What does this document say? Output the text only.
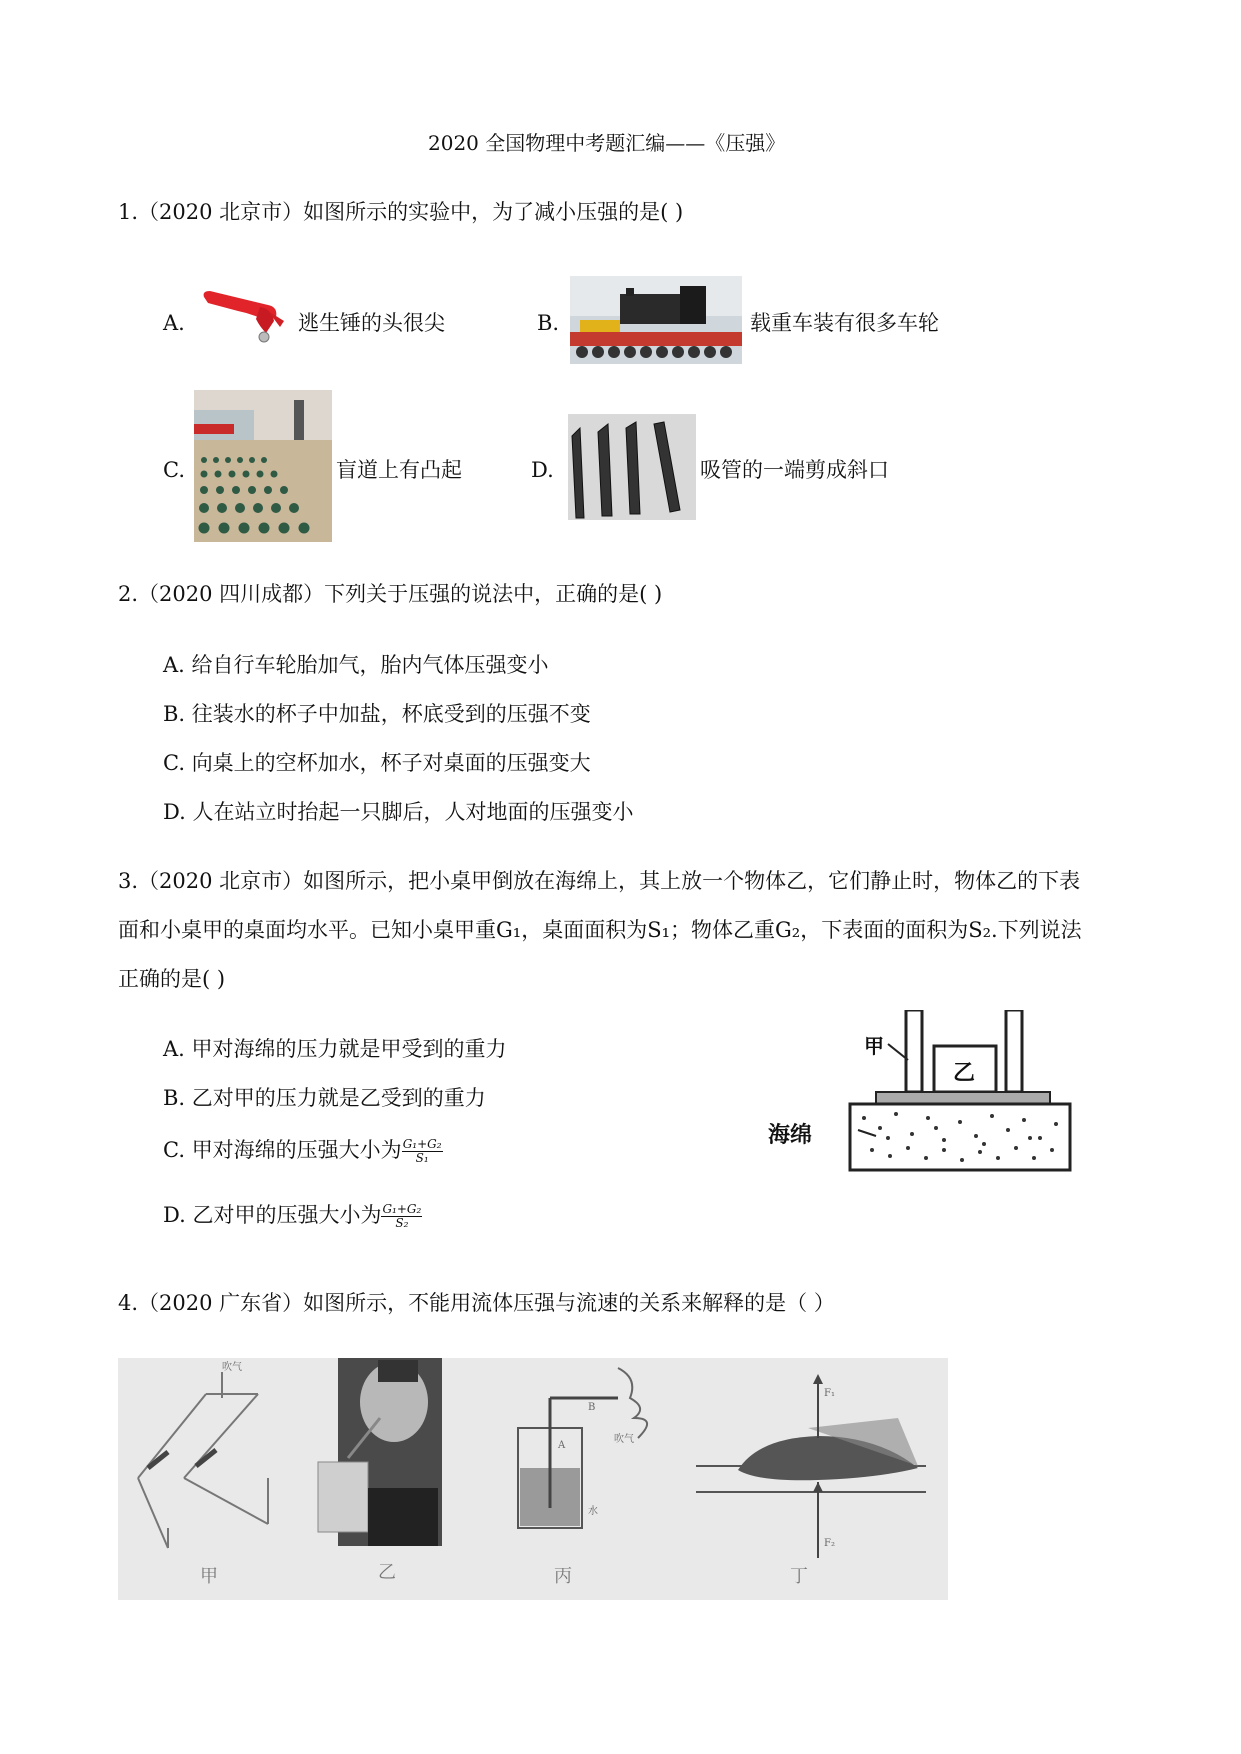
2020 全国物理中考题汇编——《压强》
1.（2020 北京市）如图所示的实验中，为了减小压强的是( )
A.	逃生锤的头很尖	B.	载重车装有很多车轮
C.	盲道上有凸起	D.	吸管的一端剪成斜口
2.（2020 四川成都）下列关于压强的说法中，正确的是( )
A. 给自行车轮胎加气，胎内气体压强变小
B. 往装水的杯子中加盐，杯底受到的压强不变
C. 向桌上的空杯加水，杯子对桌面的压强变大
D. 人在站立时抬起一只脚后，人对地面的压强变小
3.（2020 北京市）如图所示，把小桌甲倒放在海绵上，其上放一个物体乙，它们静止时，物体乙的下表
面和小桌甲的桌面均水平。已知小桌甲重G₁，桌面面积为S₁；物体乙重G₂，下表面的面积为S₂.下列说法
正确的是( )
A. 甲对海绵的压力就是甲受到的重力
B. 乙对甲的压力就是乙受到的重力
C. 甲对海绵的压强大小为 $\frac{\text{G₁+G₂}}{\text{S₁}}$
D. 乙对甲的压强大小为 $\frac{\text{G₁+G₂}}{\text{S₂}}$
甲
乙
海绵
4.（2020 广东省）如图所示，不能用流体压强与流速的关系来解释的是（ ）
吹气
B
吹气
A
水
F₁
F₂
甲	乙	丙	丁
